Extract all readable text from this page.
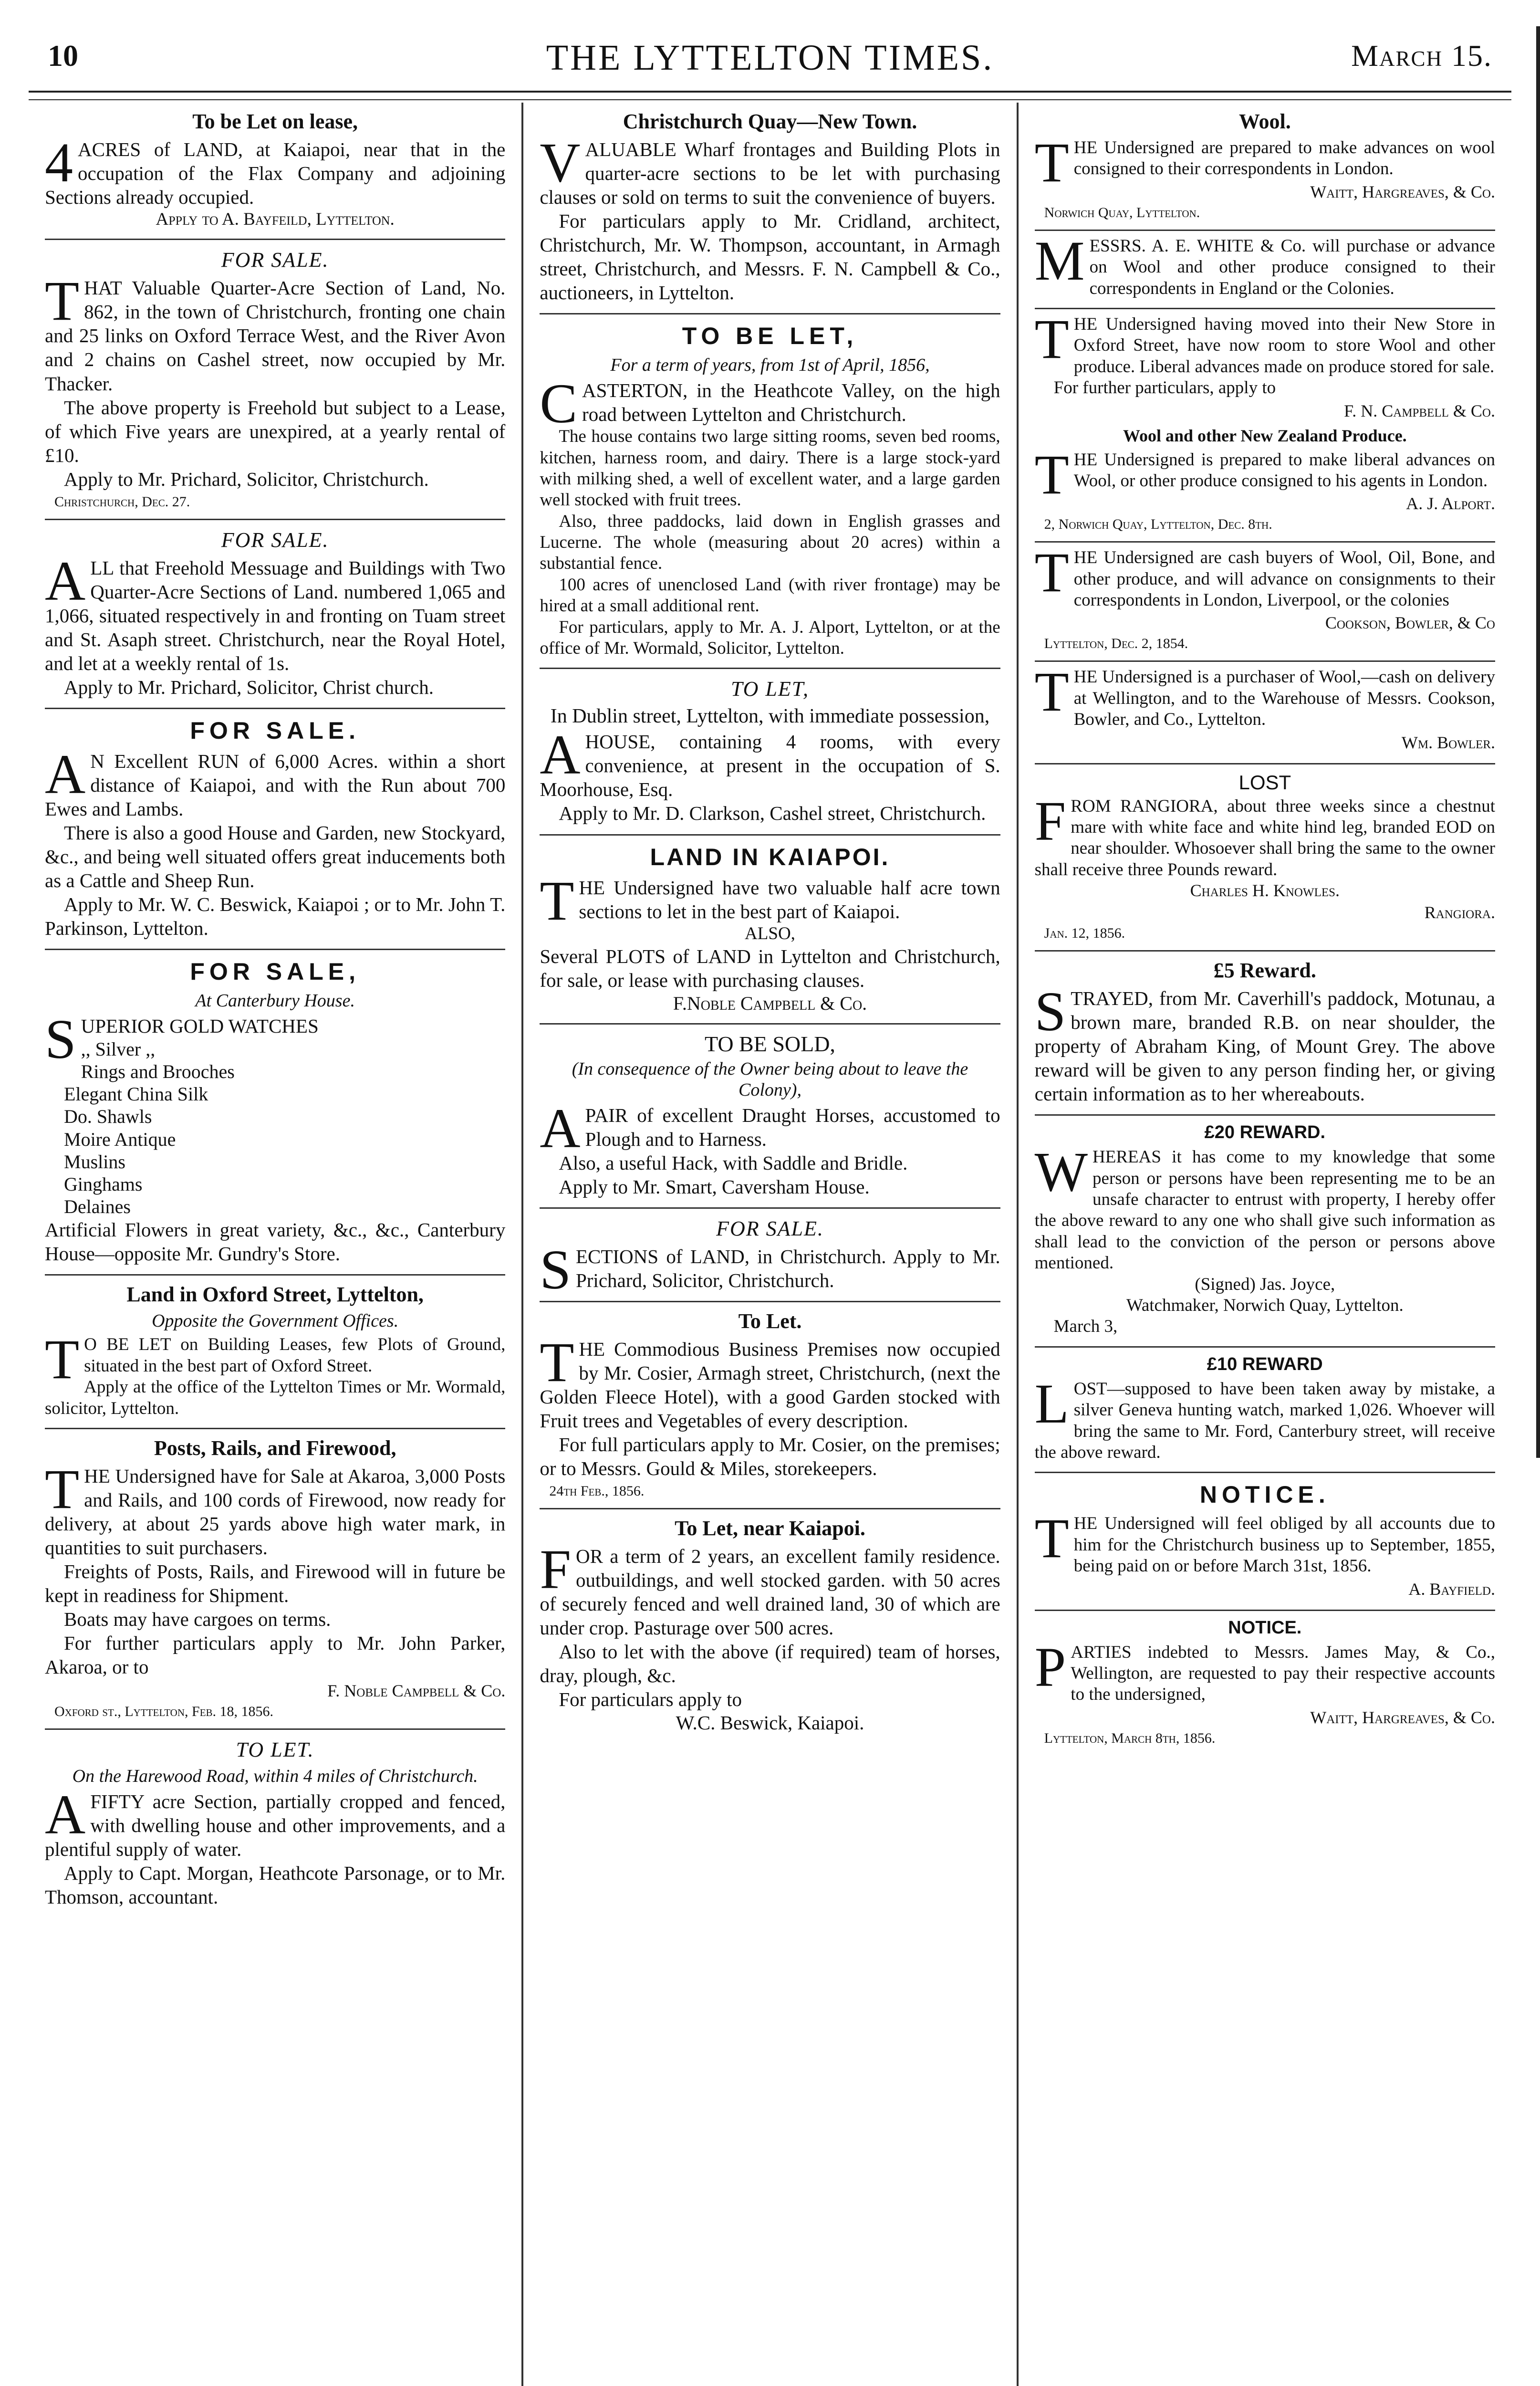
10	THE LYTTELTON TIMES.	March 15.
To be Let on lease,
4 ACRES of LAND, at Kaiapoi, near that in the occupation of the Flax Company and adjoining Sections already occupied.
Apply to A. Bayfeild, Lyttelton.
FOR SALE.
THAT Valuable Quarter-Acre Section of Land, No. 862, in the town of Christchurch, fronting one chain and 25 links on Oxford Terrace West, and the River Avon and 2 chains on Cashel street, now occupied by Mr. Thacker.

The above property is Freehold but subject to a Lease, of which Five years are unexpired, at a yearly rental of £10.

Apply to Mr. Prichard, Solicitor, Christchurch.

Christchurch, Dec. 27.
FOR SALE.
ALL that Freehold Messuage and Buildings with Two Quarter-Acre Sections of Land. numbered 1,065 and 1,066, situated respectively in and fronting on Tuam street and St. Asaph street. Christchurch, near the Royal Hotel, and let at a weekly rental of 1s.

Apply to Mr. Prichard, Solicitor, Christ church.

FOR SALE.
A N Excellent RUN of 6,000 Acres. within a short distance of Kaiapoi, and with the Run about 700 Ewes and Lambs.

There is also a good House and Garden, new Stockyard, &c., and being well situated offers great inducements both as a Cattle and Sheep Run.

Apply to Mr. W. C. Beswick, Kaiapoi ; or to Mr. John T. Parkinson, Lyttelton.

FOR SALE,
At Canterbury House.
SUPERIOR GOLD WATCHES
,, Silver ,,
Rings and Brooches
Elegant China Silk
Do. Shawls
Moire Antique
Muslins
Ginghams
Delaines
Artificial Flowers in great variety, &c., &c., Canterbury House—opposite Mr. Gundry's Store.
Land in Oxford Street, Lyttelton,
Opposite the Government Offices.
T O BE LET on Building Leases, few Plots of Ground, situated in the best part of Oxford Street.
Apply at the office of the Lyttelton Times or Mr. Wormald, solicitor, Lyttelton.
Posts, Rails, and Firewood,
THE Undersigned have for Sale at Akaroa, 3,000 Posts and Rails, and 100 cords of Firewood, now ready for delivery, at about 25 yards above high water mark, in quantities to suit purchasers.

Freights of Posts, Rails, and Firewood will in future be kept in readiness for Shipment.

Boats may have cargoes on terms.

For further particulars apply to Mr. John Parker, Akaroa, or to

F. Noble Campbell & Co.
Oxford st., Lyttelton, Feb. 18, 1856.
TO LET.
On the Harewood Road, within 4 miles of Christchurch.
AFIFTY acre Section, partially cropped and fenced, with dwelling house and other improvements, and a plentiful supply of water.

Apply to Capt. Morgan, Heathcote Parsonage, or to Mr. Thomson, accountant.

Christchurch Quay—New Town.
VALUABLE Wharf frontages and Building Plots in quarter-acre sections to be let with purchasing clauses or sold on terms to suit the convenience of buyers.

For particulars apply to Mr. Cridland, architect, Christchurch, Mr. W. Thompson, accountant, in Armagh street, Christchurch, and Messrs. F. N. Campbell & Co., auctioneers, in Lyttelton.

TO BE LET,
For a term of years, from 1st of April, 1856,
CASTERTON, in the Heathcote Valley, on the high road between Lyttelton and Christchurch.

The house contains two large sitting rooms, seven bed rooms, kitchen, harness room, and dairy. There is a large stock-yard with milking shed, a well of excellent water, and a large garden well stocked with fruit trees.

Also, three paddocks, laid down in English grasses and Lucerne. The whole (measuring about 20 acres) within a substantial fence.

100 acres of unenclosed Land (with river frontage) may be hired at a small additional rent.

For particulars, apply to Mr. A. J. Alport, Lyttelton, or at the office of Mr. Wormald, Solicitor, Lyttelton.

TO LET,
In Dublin street, Lyttelton, with immediate possession,
AHOUSE, containing 4 rooms, with every convenience, at present in the occupation of S. Moorhouse, Esq.

Apply to Mr. D. Clarkson, Cashel street, Christchurch.

LAND IN KAIAPOI.
THE Undersigned have two valuable half acre town sections to let in the best part of Kaiapoi.
ALSO,
Several PLOTS of LAND in Lyttelton and Christchurch, for sale, or lease with purchasing clauses.
F.Noble Campbell & Co.
TO BE SOLD,
(In consequence of the Owner being about to leave the Colony),
APAIR of excellent Draught Horses, accustomed to Plough and to Harness.

Also, a useful Hack, with Saddle and Bridle.

Apply to Mr. Smart, Caversham House.

FOR SALE.
SECTIONS of LAND, in Christchurch. Apply to Mr. Prichard, Solicitor, Christchurch.
To Let.
THE Commodious Business Premises now occupied by Mr. Cosier, Armagh street, Christchurch, (next the Golden Fleece Hotel), with a good Garden stocked with Fruit trees and Vegetables of every description.

For full particulars apply to Mr. Cosier, on the premises; or to Messrs. Gould & Miles, storekeepers.

24th Feb., 1856.
To Let, near Kaiapoi.
FOR a term of 2 years, an excellent family residence. outbuildings, and well stocked garden. with 50 acres of securely fenced and well drained land, 30 of which are under crop. Pasturage over 500 acres.

Also to let with the above (if required) team of horses, dray, plough, &c.

For particulars apply to

W.C. Beswick, Kaiapoi.
Wool.
THE Undersigned are prepared to make advances on wool consigned to their correspondents in London.
Waitt, Hargreaves, & Co.
Norwich Quay, Lyttelton.
MESSRS. A. E. WHITE & Co. will purchase or advance on Wool and other produce consigned to their correspondents in England or the Colonies.
THE Undersigned having moved into their New Store in Oxford Street, have now room to store Wool and other produce. Liberal advances made on produce stored for sale.

For further particulars, apply to

F. N. Campbell & Co.
Wool and other New Zealand Produce.
THE Undersigned is prepared to make liberal advances on Wool, or other produce consigned to his agents in London.
A. J. Alport.
2, Norwich Quay, Lyttelton, Dec. 8th.
THE Undersigned are cash buyers of Wool, Oil, Bone, and other produce, and will advance on consignments to their correspondents in London, Liverpool, or the colonies
Cookson, Bowler, & Co
Lyttelton, Dec. 2, 1854.
THE Undersigned is a purchaser of Wool,—cash on delivery at Wellington, and to the Warehouse of Messrs. Cookson, Bowler, and Co., Lyttelton.
Wm. Bowler.
LOST
FROM RANGIORA, about three weeks since a chestnut mare with white face and white hind leg, branded EOD on near shoulder. Whosoever shall bring the same to the owner shall receive three Pounds reward.
Charles H. Knowles.
Rangiora.
Jan. 12, 1856.
£5 Reward.
STRAYED, from Mr. Caverhill's paddock, Motunau, a brown mare, branded R.B. on near shoulder, the property of Abraham King, of Mount Grey. The above reward will be given to any person finding her, or giving certain information as to her whereabouts.
£20 REWARD.
WHEREAS it has come to my knowledge that some person or persons have been representing me to be an unsafe character to entrust with property, I hereby offer the above reward to any one who shall give such information as shall lead to the conviction of the person or persons above mentioned.
(Signed) Jas. Joyce,
Watchmaker, Norwich Quay, Lyttelton.
March 3,
£10 REWARD
LOST—supposed to have been taken away by mistake, a silver Geneva hunting watch, marked 1,026. Whoever will bring the same to Mr. Ford, Canterbury street, will receive the above reward.
NOTICE.
THE Undersigned will feel obliged by all accounts due to him for the Christchurch business up to September, 1855, being paid on or before March 31st, 1856.
A. Bayfield.
NOTICE.
PARTIES indebted to Messrs. James May, & Co., Wellington, are requested to pay their respective accounts to the undersigned,
Waitt, Hargreaves, & Co.
Lyttelton, March 8th, 1856.
